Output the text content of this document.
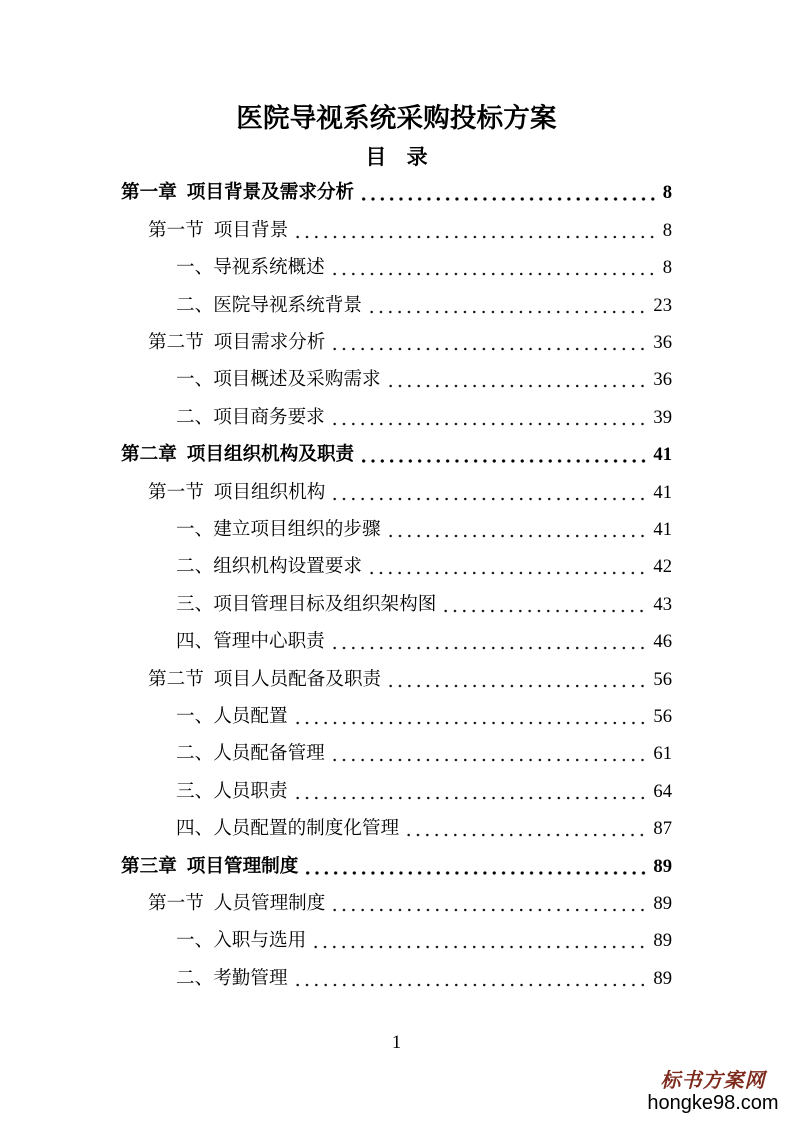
医院导视系统采购投标方案
目 录
第一章 项目背景及需求分析	8
第一节 项目背景	8
一、 导视系统概述	8
二、 医院导视系统背景	23
第二节 项目需求分析	36
一、 项目概述及采购需求	36
二、 项目商务要求	39
第二章 项目组织机构及职责	41
第一节 项目组织机构	41
一、 建立项目组织的步骤	41
二、 组织机构设置要求	42
三、 项目管理目标及组织架构图	43
四、 管理中心职责	46
第二节 项目人员配备及职责	56
一、 人员配置	56
二、 人员配备管理	61
三、 人员职责	64
四、 人员配置的制度化管理	87
第三章 项目管理制度	89
第一节 人员管理制度	89
一、 入职与选用	89
二、 考勤管理	89
1
标书方案网
hongke98.com
